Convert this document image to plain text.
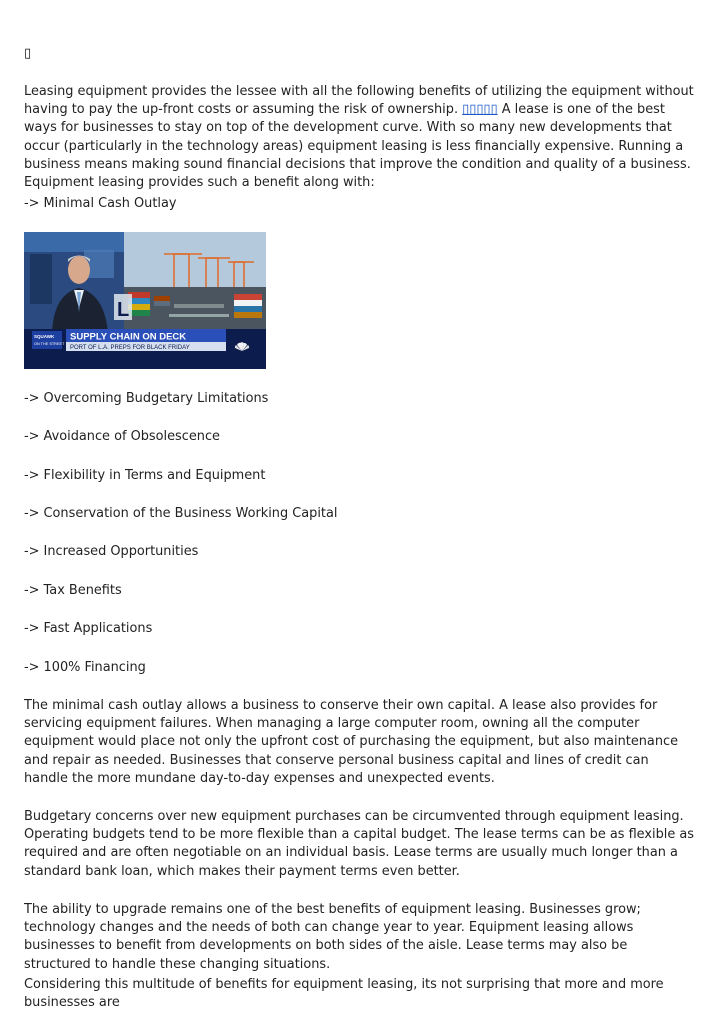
▯

Leasing equipment provides the lessee with all the following benefits of utilizing the equipment without having to pay the up-front costs or assuming the risk of ownership. ▯▯▯▯▯ A lease is one of the best ways for businesses to stay on top of the development curve. With so many new developments that occur (particularly in the technology areas) equipment leasing is less financially expensive. Running a business means making sound financial decisions that improve the condition and quality of a business. Equipment leasing provides such a benefit along with:

-> Minimal Cash Outlay

SUPPLY CHAIN ON DECK
PORT OF L.A. PREPS FOR BLACK FRIDAY
SQUAWK
ON THE STREET
L

-> Overcoming Budgetary Limitations

-> Avoidance of Obsolescence

-> Flexibility in Terms and Equipment

-> Conservation of the Business Working Capital

-> Increased Opportunities

-> Tax Benefits

-> Fast Applications

-> 100% Financing

The minimal cash outlay allows a business to conserve their own capital. A lease also provides for servicing equipment failures. When managing a large computer room, owning all the computer equipment would place not only the upfront cost of purchasing the equipment, but also maintenance and repair as needed. Businesses that conserve personal business capital and lines of credit can handle the more mundane day-to-day expenses and unexpected events.

Budgetary concerns over new equipment purchases can be circumvented through equipment leasing. Operating budgets tend to be more flexible than a capital budget. The lease terms can be as flexible as required and are often negotiable on an individual basis. Lease terms are usually much longer than a standard bank loan, which makes their payment terms even better.

The ability to upgrade remains one of the best benefits of equipment leasing. Businesses grow; technology changes and the needs of both can change year to year. Equipment leasing allows businesses to benefit from developments on both sides of the aisle. Lease terms may also be structured to handle these changing situations.

Considering this multitude of benefits for equipment leasing, its not surprising that more and more businesses are
